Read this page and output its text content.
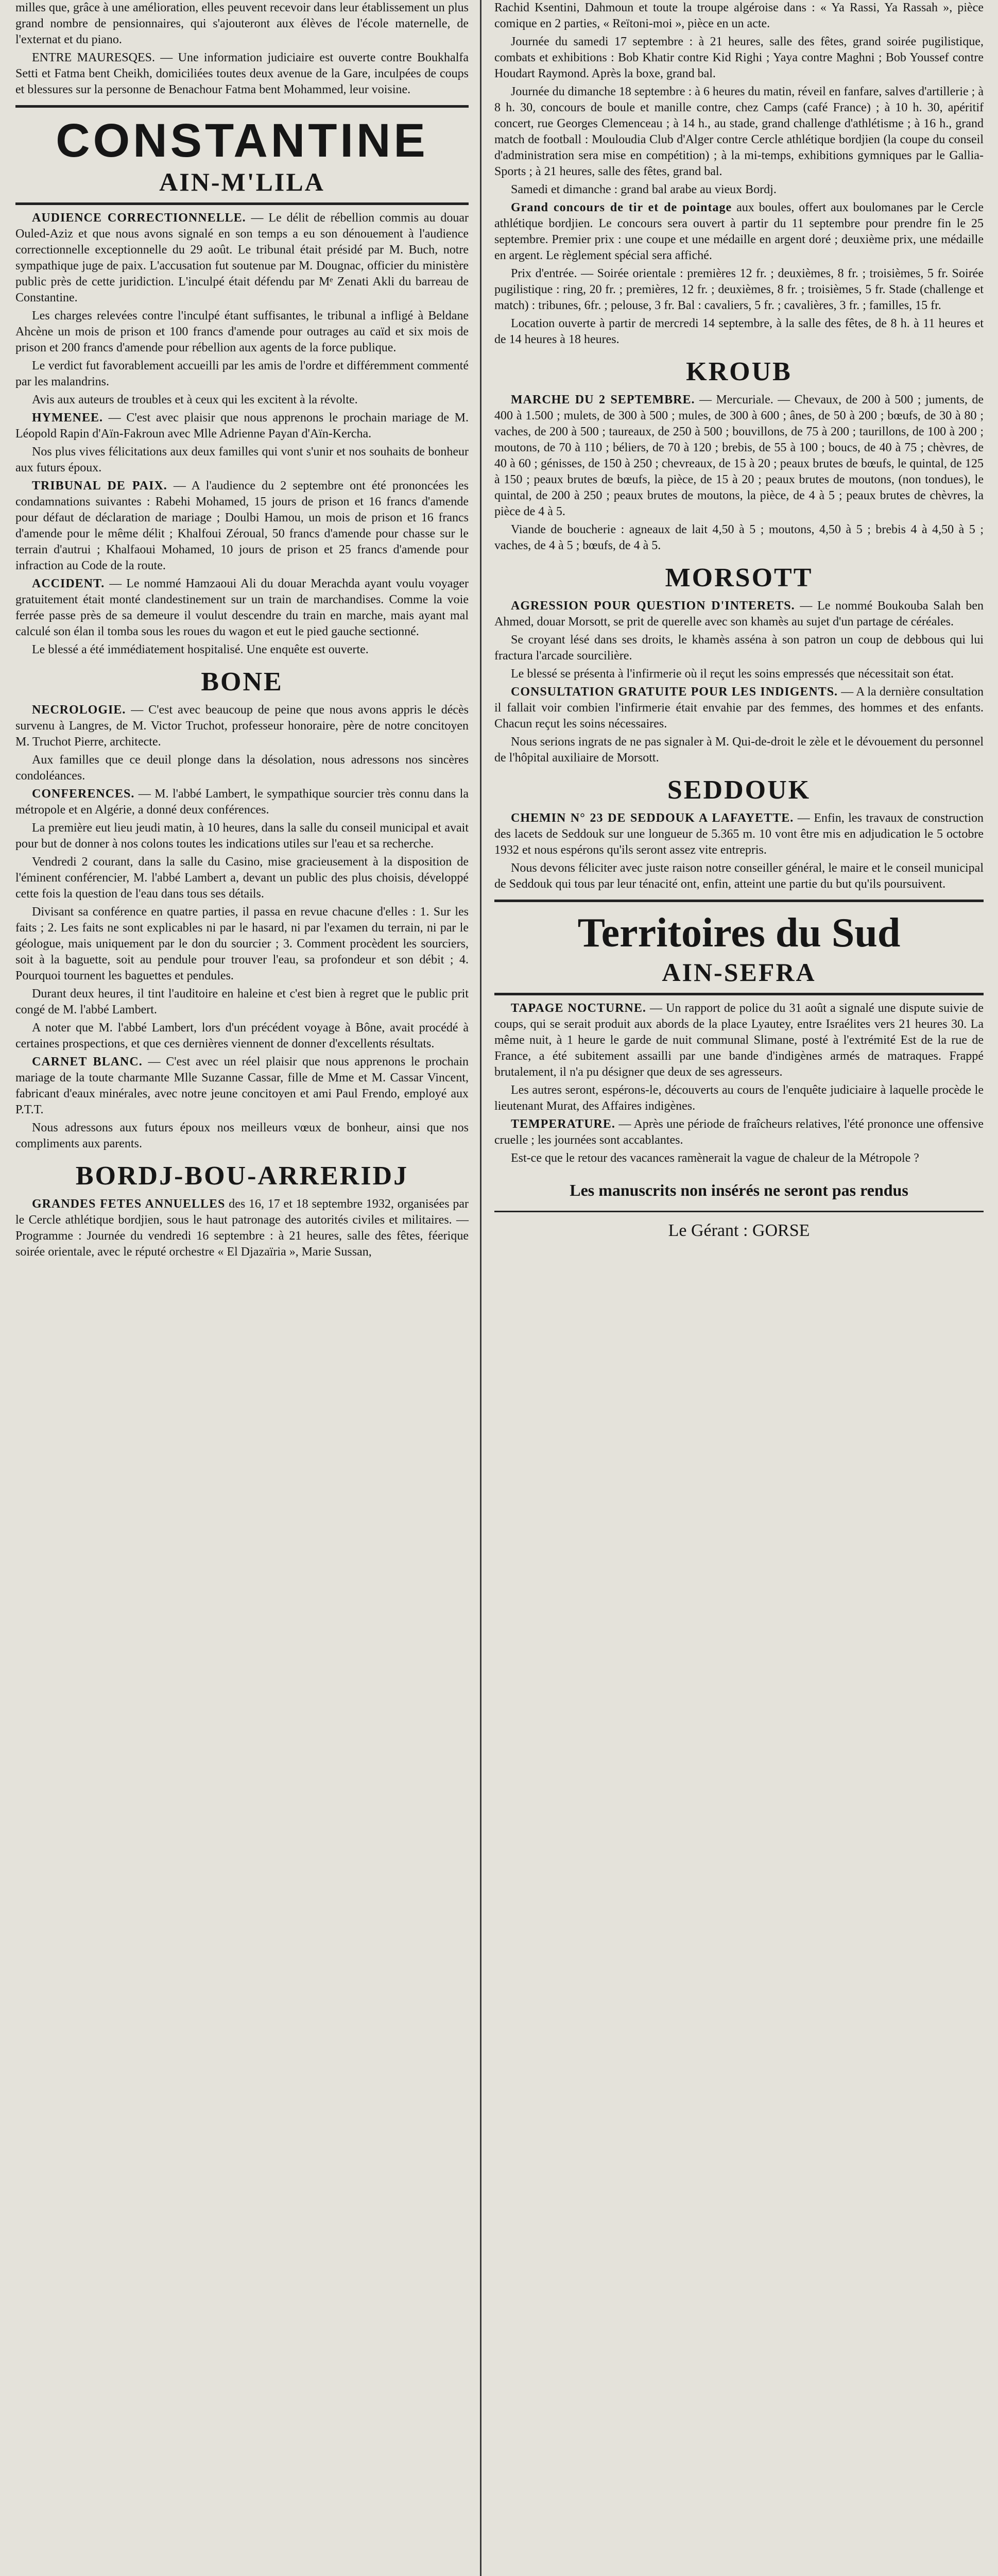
milles que, grâce à une amélioration, elles peuvent recevoir dans leur établissement un plus grand nombre de pensionnaires, qui s'ajouteront aux élèves de l'école maternelle, de l'externat et du piano.

ENTRE MAURESQES. — Une information judiciaire est ouverte contre Boukhalfa Setti et Fatma bent Cheikh, domiciliées toutes deux avenue de la Gare, inculpées de coups et blessures sur la personne de Benachour Fatma bent Mohammed, leur voisine.

CONSTANTINE
AIN-M'LILA

AUDIENCE CORRECTIONNELLE. — Le délit de rébellion commis au douar Ouled-Aziz et que nous avons signalé en son temps a eu son dénouement à l'audience correctionnelle exceptionnelle du 29 août. Le tribunal était présidé par M. Buch, notre sympathique juge de paix. L'accusation fut soutenue par M. Dougnac, officier du ministère public près de cette juridiction. L'inculpé était défendu par Mᵉ Zenati Akli du barreau de Constantine.

Les charges relevées contre l'inculpé étant suffisantes, le tribunal a infligé à Beldane Ahcène un mois de prison et 100 francs d'amende pour outrages au caïd et six mois de prison et 200 francs d'amende pour rébellion aux agents de la force publique.

Le verdict fut favorablement accueilli par les amis de l'ordre et différemment commenté par les malandrins.

Avis aux auteurs de troubles et à ceux qui les excitent à la révolte.

HYMENEE. — C'est avec plaisir que nous apprenons le prochain mariage de M. Léopold Rapin d'Aïn-Fakroun avec Mlle Adrienne Payan d'Aïn-Kercha.

Nos plus vives félicitations aux deux familles qui vont s'unir et nos souhaits de bonheur aux futurs époux.

TRIBUNAL DE PAIX. — A l'audience du 2 septembre ont été prononcées les condamnations suivantes : Rabehi Mohamed, 15 jours de prison et 16 francs d'amende pour défaut de déclaration de mariage ; Doulbi Hamou, un mois de prison et 16 francs d'amende pour le même délit ; Khalfoui Zéroual, 50 francs d'amende pour chasse sur le terrain d'autrui ; Khalfaoui Mohamed, 10 jours de prison et 25 francs d'amende pour infraction au Code de la route.

ACCIDENT. — Le nommé Hamzaoui Ali du douar Merachda ayant voulu voyager gratuitement était monté clandestinement sur un train de marchandises. Comme la voie ferrée passe près de sa demeure il voulut descendre du train en marche, mais ayant mal calculé son élan il tomba sous les roues du wagon et eut le pied gauche sectionné.

Le blessé a été immédiatement hospitalisé. Une enquête est ouverte.

BONE

NECROLOGIE. — C'est avec beaucoup de peine que nous avons appris le décès survenu à Langres, de M. Victor Truchot, professeur honoraire, père de notre concitoyen M. Truchot Pierre, architecte.

Aux familles que ce deuil plonge dans la désolation, nous adressons nos sincères condoléances.

CONFERENCES. — M. l'abbé Lambert, le sympathique sourcier très connu dans la métropole et en Algérie, a donné deux conférences.

La première eut lieu jeudi matin, à 10 heures, dans la salle du conseil municipal et avait pour but de donner à nos colons toutes les indications utiles sur l'eau et sa recherche.

Vendredi 2 courant, dans la salle du Casino, mise gracieusement à la disposition de l'éminent conférencier, M. l'abbé Lambert a, devant un public des plus choisis, développé cette fois la question de l'eau dans tous ses détails.

Divisant sa conférence en quatre parties, il passa en revue chacune d'elles : 1. Sur les faits ; 2. Les faits ne sont explicables ni par le hasard, ni par l'examen du terrain, ni par le géologue, mais uniquement par le don du sourcier ; 3. Comment procèdent les sourciers, soit à la baguette, soit au pendule pour trouver l'eau, sa profondeur et son débit ; 4. Pourquoi tournent les baguettes et pendules.

Durant deux heures, il tint l'auditoire en haleine et c'est bien à regret que le public prit congé de M. l'abbé Lambert.

A noter que M. l'abbé Lambert, lors d'un précédent voyage à Bône, avait procédé à certaines prospections, et que ces dernières viennent de donner d'excellents résultats.

CARNET BLANC. — C'est avec un réel plaisir que nous apprenons le prochain mariage de la toute charmante Mlle Suzanne Cassar, fille de Mme et M. Cassar Vincent, fabricant d'eaux minérales, avec notre jeune concitoyen et ami Paul Frendo, employé aux P.T.T.

Nous adressons aux futurs époux nos meilleurs vœux de bonheur, ainsi que nos compliments aux parents.

BORDJ-BOU-ARRERIDJ

GRANDES FETES ANNUELLES des 16, 17 et 18 septembre 1932, organisées par le Cercle athlétique bordjien, sous le haut patronage des autorités civiles et militaires. — Programme : Journée du vendredi 16 septembre : à 21 heures, salle des fêtes, féerique soirée orientale, avec le réputé orchestre « El Djazaïria », Marie Sussan,

Rachid Ksentini, Dahmoun et toute la troupe algéroise dans : « Ya Rassi, Ya Rassah », pièce comique en 2 parties, « Reïtoni-moi », pièce en un acte.

Journée du samedi 17 septembre : à 21 heures, salle des fêtes, grand soirée pugilistique, combats et exhibitions : Bob Khatir contre Kid Righi ; Yaya contre Maghni ; Bob Youssef contre Houdart Raymond. Après la boxe, grand bal.

Journée du dimanche 18 septembre : à 6 heures du matin, réveil en fanfare, salves d'artillerie ; à 8 h. 30, concours de boule et manille contre, chez Camps (café France) ; à 10 h. 30, apéritif concert, rue Georges Clemenceau ; à 14 h., au stade, grand challenge d'athlétisme ; à 16 h., grand match de football : Mouloudia Club d'Alger contre Cercle athlétique bordjien (la coupe du conseil d'administration sera mise en compétition) ; à la mi-temps, exhibitions gymniques par le Gallia-Sports ; à 21 heures, salle des fêtes, grand bal.

Samedi et dimanche : grand bal arabe au vieux Bordj.

Grand concours de tir et de pointage aux boules, offert aux boulomanes par le Cercle athlétique bordjien. Le concours sera ouvert à partir du 11 septembre pour prendre fin le 25 septembre. Premier prix : une coupe et une médaille en argent doré ; deuxième prix, une médaille en argent. Le règlement spécial sera affiché.

Prix d'entrée. — Soirée orientale : premières 12 fr. ; deuxièmes, 8 fr. ; troisièmes, 5 fr. Soirée pugilistique : ring, 20 fr. ; premières, 12 fr. ; deuxièmes, 8 fr. ; troisièmes, 5 fr. Stade (challenge et match) : tribunes, 6fr. ; pelouse, 3 fr. Bal : cavaliers, 5 fr. ; cavalières, 3 fr. ; familles, 15 fr.

Location ouverte à partir de mercredi 14 septembre, à la salle des fêtes, de 8 h. à 11 heures et de 14 heures à 18 heures.

KROUB

MARCHE DU 2 SEPTEMBRE. — Mercuriale. — Chevaux, de 200 à 500 ; juments, de 400 à 1.500 ; mulets, de 300 à 500 ; mules, de 300 à 600 ; ânes, de 50 à 200 ; bœufs, de 30 à 80 ; vaches, de 200 à 500 ; taureaux, de 250 à 500 ; bouvillons, de 75 à 200 ; taurillons, de 100 à 200 ; moutons, de 70 à 110 ; béliers, de 70 à 120 ; brebis, de 55 à 100 ; boucs, de 40 à 75 ; chèvres, de 40 à 60 ; génisses, de 150 à 250 ; chevreaux, de 15 à 20 ; peaux brutes de bœufs, le quintal, de 125 à 150 ; peaux brutes de bœufs, la pièce, de 15 à 20 ; peaux brutes de moutons, (non tondues), le quintal, de 200 à 250 ; peaux brutes de moutons, la pièce, de 4 à 5 ; peaux brutes de chèvres, la pièce de 4 à 5.

Viande de boucherie : agneaux de lait 4,50 à 5 ; moutons, 4,50 à 5 ; brebis 4 à 4,50 à 5 ; vaches, de 4 à 5 ; bœufs, de 4 à 5.

MORSOTT

AGRESSION POUR QUESTION D'INTERETS. — Le nommé Boukouba Salah ben Ahmed, douar Morsott, se prit de querelle avec son khamès au sujet d'un partage de céréales.

Se croyant lésé dans ses droits, le khamès asséna à son patron un coup de debbous qui lui fractura l'arcade sourcilière.

Le blessé se présenta à l'infirmerie où il reçut les soins empressés que nécessitait son état.

CONSULTATION GRATUITE POUR LES INDIGENTS. — A la dernière consultation il fallait voir combien l'infirmerie était envahie par des femmes, des hommes et des enfants. Chacun reçut les soins nécessaires.

Nous serions ingrats de ne pas signaler à M. Qui-de-droit le zèle et le dévouement du personnel de l'hôpital auxiliaire de Morsott.

SEDDOUK

CHEMIN N° 23 DE SEDDOUK A LAFAYETTE. — Enfin, les travaux de construction des lacets de Seddouk sur une longueur de 5.365 m. 10 vont être mis en adjudication le 5 octobre 1932 et nous espérons qu'ils seront assez vite entrepris.

Nous devons féliciter avec juste raison notre conseiller général, le maire et le conseil municipal de Seddouk qui tous par leur ténacité ont, enfin, atteint une partie du but qu'ils poursuivent.

Territoires du Sud
AIN-SEFRA

TAPAGE NOCTURNE. — Un rapport de police du 31 août a signalé une dispute suivie de coups, qui se serait produit aux abords de la place Lyautey, entre Israélites vers 21 heures 30. La même nuit, à 1 heure le garde de nuit communal Slimane, posté à l'extrémité Est de la rue de France, a été subitement assailli par une bande d'indigènes armés de matraques. Frappé brutalement, il n'a pu désigner que deux de ses agresseurs.

Les autres seront, espérons-le, découverts au cours de l'enquête judiciaire à laquelle procède le lieutenant Murat, des Affaires indigènes.

TEMPERATURE. — Après une période de fraîcheurs relatives, l'été prononce une offensive cruelle ; les journées sont accablantes.

Est-ce que le retour des vacances ramènerait la vague de chaleur de la Métropole ?

Les manuscrits non insérés ne seront pas rendus
Le Gérant : GORSE
